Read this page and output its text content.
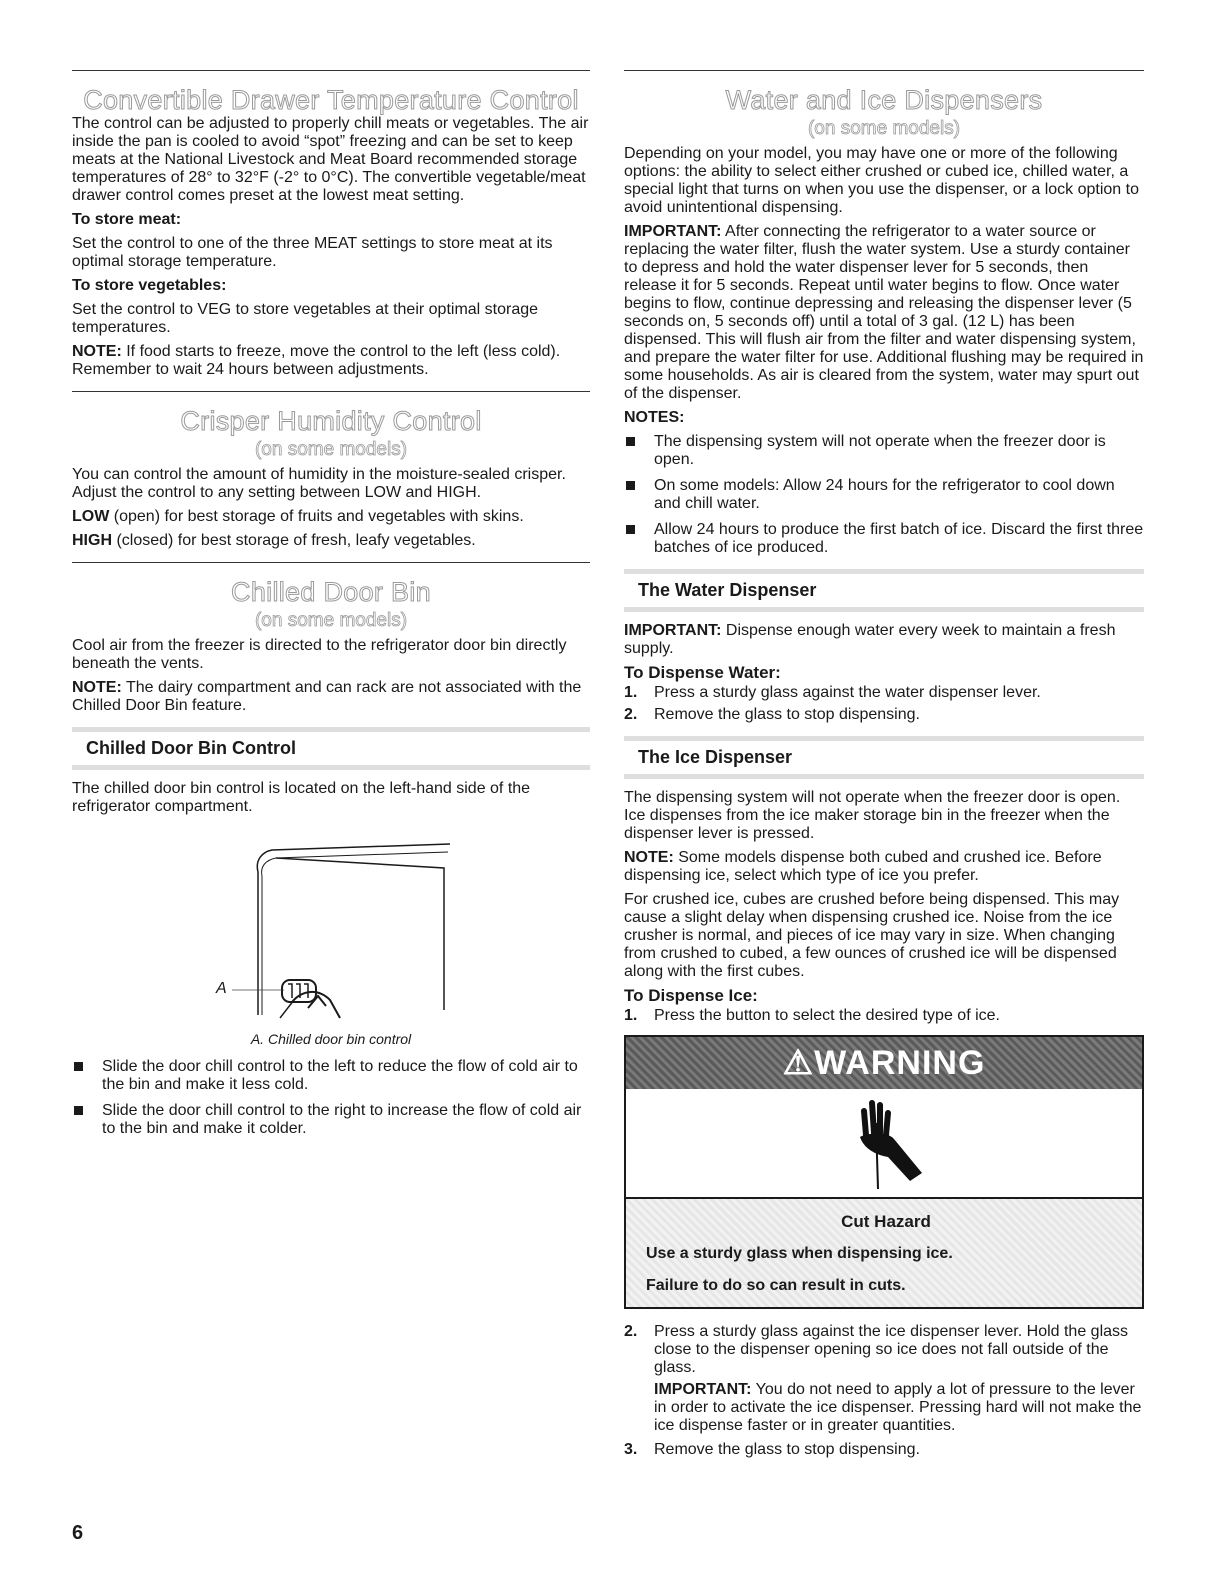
Convertible Drawer Temperature Control

The control can be adjusted to properly chill meats or vegetables. The air inside the pan is cooled to avoid “spot” freezing and can be set to keep meats at the National Livestock and Meat Board recommended storage temperatures of 28° to 32°F (-2° to 0°C). The convertible vegetable/meat drawer control comes preset at the lowest meat setting.

To store meat:

Set the control to one of the three MEAT settings to store meat at its optimal storage temperature.

To store vegetables:

Set the control to VEG to store vegetables at their optimal storage temperatures.

NOTE: If food starts to freeze, move the control to the left (less cold). Remember to wait 24 hours between adjustments.

Crisper Humidity Control
(on some models)

You can control the amount of humidity in the moisture-sealed crisper. Adjust the control to any setting between LOW and HIGH.

LOW (open) for best storage of fruits and vegetables with skins.

HIGH (closed) for best storage of fresh, leafy vegetables.

Chilled Door Bin
(on some models)

Cool air from the freezer is directed to the refrigerator door bin directly beneath the vents.

NOTE: The dairy compartment and can rack are not associated with the Chilled Door Bin feature.

Chilled Door Bin Control

The chilled door bin control is located on the left-hand side of the refrigerator compartment.

A

A. Chilled door bin control

Slide the door chill control to the left to reduce the flow of cold air to the bin and make it less cold.
Slide the door chill control to the right to increase the flow of cold air to the bin and make it colder.
Water and Ice Dispensers
(on some models)

Depending on your model, you may have one or more of the following options: the ability to select either crushed or cubed ice, chilled water, a special light that turns on when you use the dispenser, or a lock option to avoid unintentional dispensing.

IMPORTANT: After connecting the refrigerator to a water source or replacing the water filter, flush the water system. Use a sturdy container to depress and hold the water dispenser lever for 5 seconds, then release it for 5 seconds. Repeat until water begins to flow. Once water begins to flow, continue depressing and releasing the dispenser lever (5 seconds on, 5 seconds off) until a total of 3 gal. (12 L) has been dispensed. This will flush air from the filter and water dispensing system, and prepare the water filter for use. Additional flushing may be required in some households. As air is cleared from the system, water may spurt out of the dispenser.

NOTES:

The dispensing system will not operate when the freezer door is open.
On some models: Allow 24 hours for the refrigerator to cool down and chill water.
Allow 24 hours to produce the first batch of ice. Discard the first three batches of ice produced.
The Water Dispenser

IMPORTANT: Dispense enough water every week to maintain a fresh supply.

To Dispense Water:

1. Press a sturdy glass against the water dispenser lever.
2. Remove the glass to stop dispensing.
The Ice Dispenser

The dispensing system will not operate when the freezer door is open. Ice dispenses from the ice maker storage bin in the freezer when the dispenser lever is pressed.

NOTE: Some models dispense both cubed and crushed ice. Before dispensing ice, select which type of ice you prefer.

For crushed ice, cubes are crushed before being dispensed. This may cause a slight delay when dispensing crushed ice. Noise from the ice crusher is normal, and pieces of ice may vary in size. When changing from crushed to cubed, a few ounces of crushed ice will be dispensed along with the first cubes.

To Dispense Ice:

1. Press the button to select the desired type of ice.
⚠WARNING

Cut Hazard

Use a sturdy glass when dispensing ice.

Failure to do so can result in cuts.

2. Press a sturdy glass against the ice dispenser lever. Hold the glass close to the dispenser opening so ice does not fall outside of the glass.

IMPORTANT: You do not need to apply a lot of pressure to the lever in order to activate the ice dispenser. Pressing hard will not make the ice dispense faster or in greater quantities.

3. Remove the glass to stop dispensing.
6
